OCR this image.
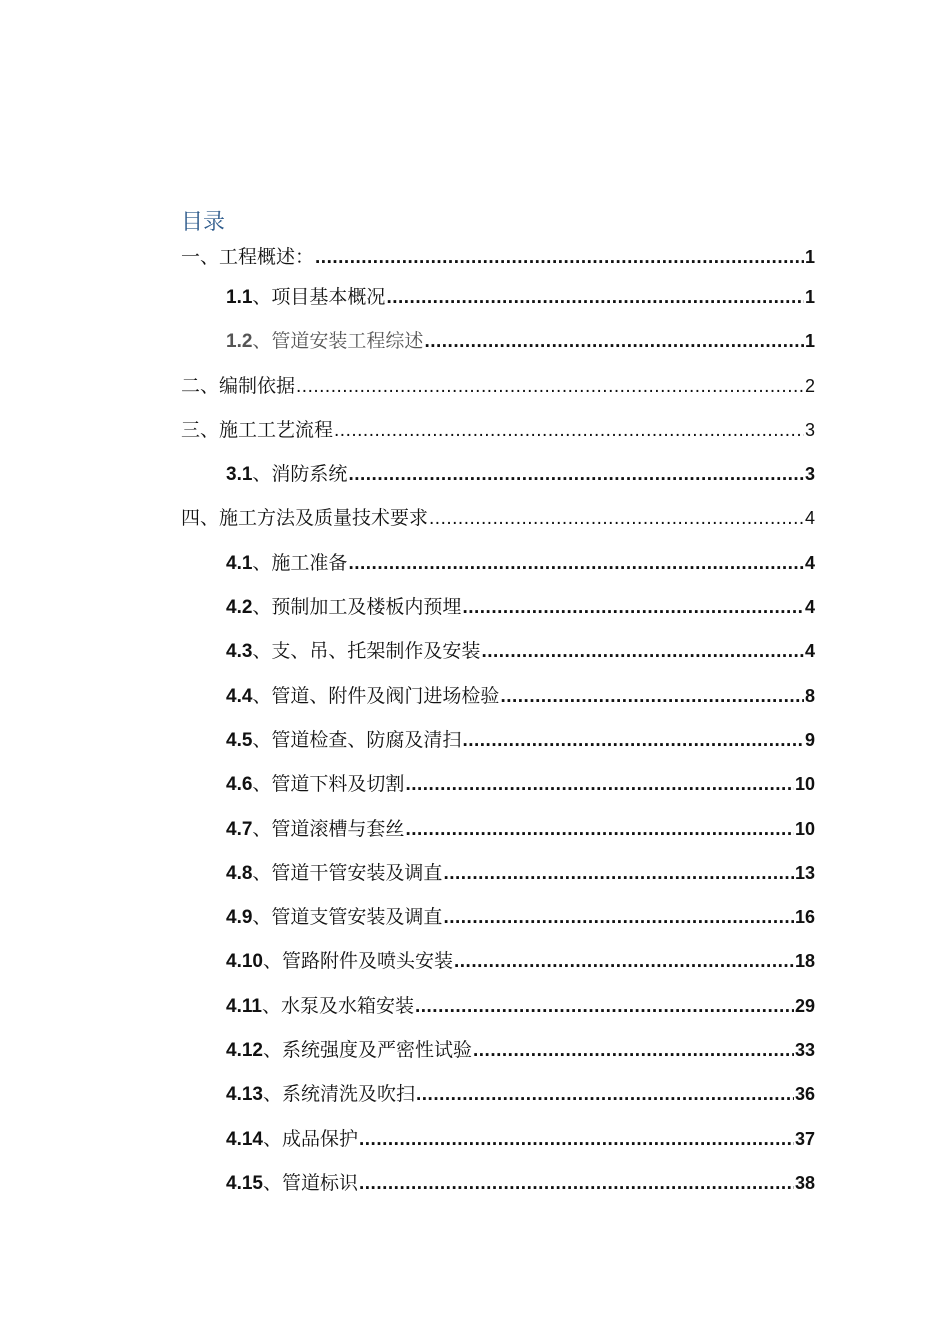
目录
一、工程概述： .....	1
1.1、项目基本概况 .....	1
1.2、管道安装工程综述 .....	1
二、编制依据 .....	2
三、施工工艺流程 .....	3
3.1、消防系统 .....	3
四、施工方法及质量技术要求 .....	4
4.1、施工准备 .....	4
4.2、预制加工及楼板内预埋 .....	4
4.3、支、吊、托架制作及安装 .....	4
4.4、管道、附件及阀门进场检验 .....	8
4.5、管道检查、防腐及清扫 .....	9
4.6、管道下料及切割 .....	10
4.7、管道滚槽与套丝 .....	10
4.8、管道干管安装及调直 .....	13
4.9、管道支管安装及调直 .....	16
4.10、管路附件及喷头安装 .....	18
4.11、水泵及水箱安装 .....	29
4.12、系统强度及严密性试验 .....	33
4.13、系统清洗及吹扫 .....	36
4.14、成品保护 .....	37
4.15、管道标识 .....	38
